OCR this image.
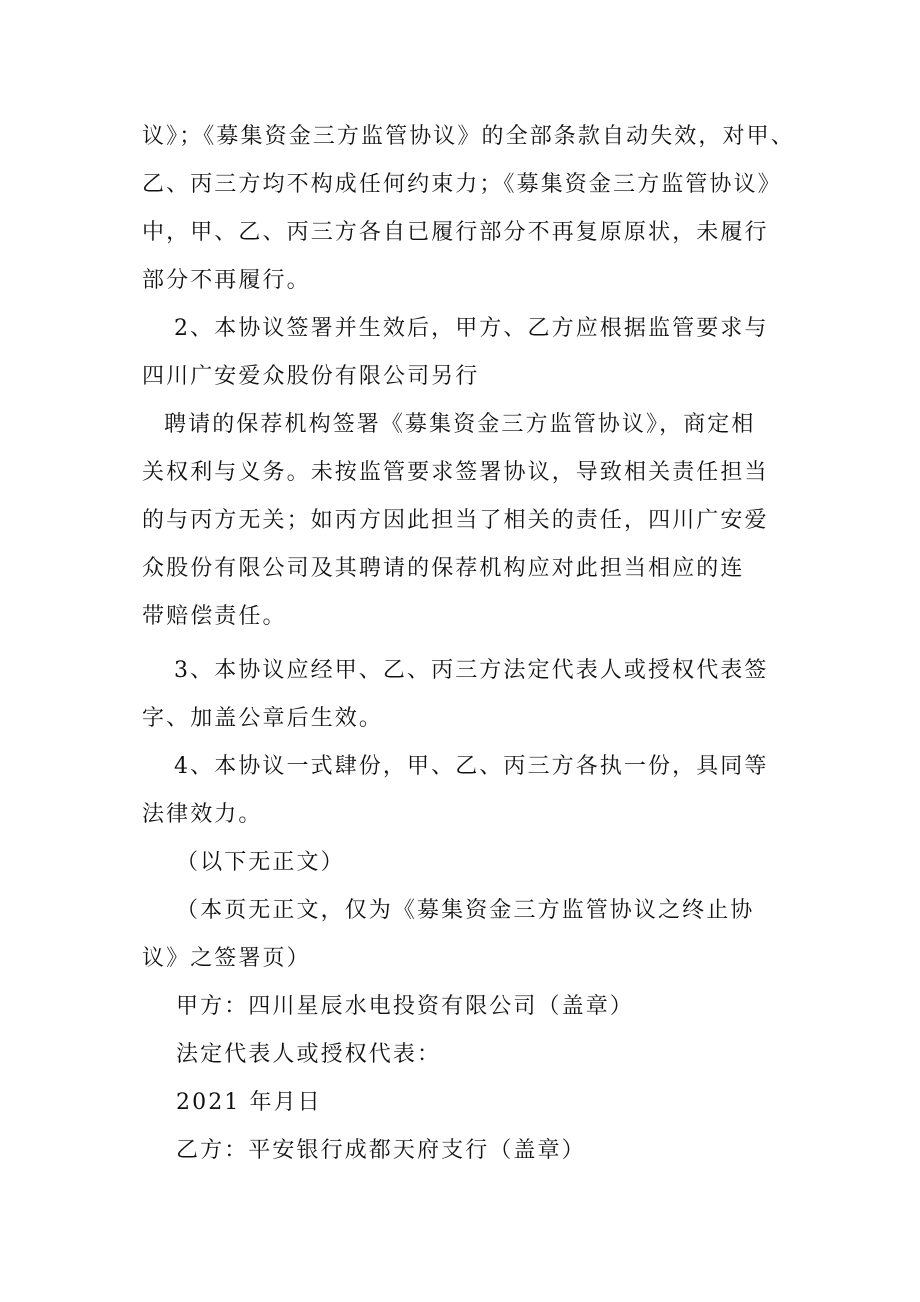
议》；《募集资金三方监管协议》的全部条款自动失效，对甲、
乙、丙三方均不构成任何约束力；《募集资金三方监管协议》
中，甲、乙、丙三方各自已履行部分不再复原原状，未履行
部分不再履行。
2、本协议签署并生效后，甲方、乙方应根据监管要求与
四川广安爱众股份有限公司另行
聘请的保荐机构签署《募集资金三方监管协议》，商定相
关权利与义务。未按监管要求签署协议，导致相关责任担当
的与丙方无关；如丙方因此担当了相关的责任，四川广安爱
众股份有限公司及其聘请的保荐机构应对此担当相应的连
带赔偿责任。
3、本协议应经甲、乙、丙三方法定代表人或授权代表签
字、加盖公章后生效。
4、本协议一式肆份，甲、乙、丙三方各执一份，具同等
法律效力。
（以下无正文）
（本页无正文，仅为《募集资金三方监管协议之终止协
议》之签署页）
甲方：四川星辰水电投资有限公司（盖章）
法定代表人或授权代表：
2021 年月日
乙方：平安银行成都天府支行（盖章）
